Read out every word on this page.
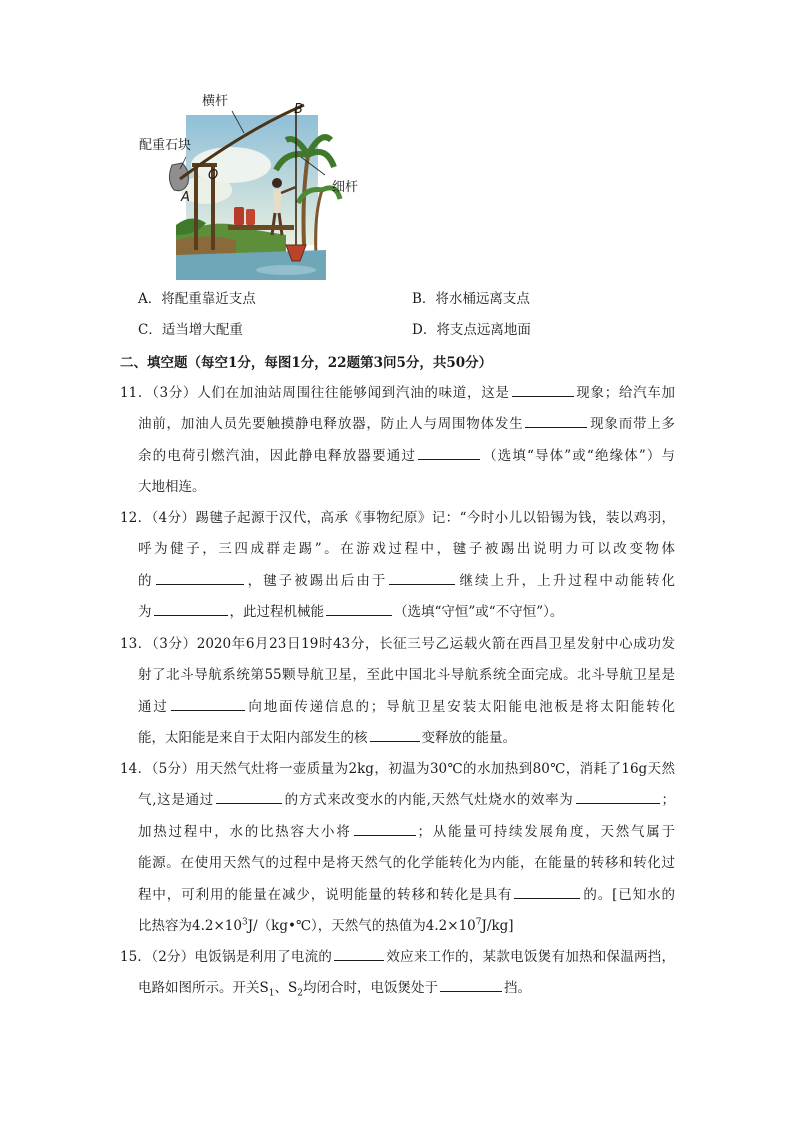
横杆
B
配重石块
O
A
细杆
A．将配重靠近支点	B．将水桶远离支点
C．适当增大配重	D．将支点远离地面
二、填空题（每空1分，每图1分，22题第3问5分，共50分）
11．（3分）人们在加油站周围往往能够闻到汽油的味道，这是	现象；给汽车加
油前，加油人员先要触摸静电释放器，防止人与周围物体发生	现象而带上多
余的电荷引燃汽油，因此静电释放器要通过	（选填“导体”或“绝缘体”）与
大地相连。
12．（4分）踢毽子起源于汉代，高承《事物纪原》记：“今时小儿以铅锡为钱，装以鸡羽，
呼为健子，三四成群走踢”。在游戏过程中，毽子被踢出说明力可以改变物体
的	，毽子被踢出后由于	继续上升，上升过程中动能转化
为	，此过程机械能	（选填“守恒”或“不守恒”）。
13．（3分）2020年6月23日19时43分，长征三号乙运载火箭在西昌卫星发射中心成功发
射了北斗导航系统第55颗导航卫星，至此中国北斗导航系统全面完成。北斗导航卫星是
通过	向地面传递信息的；导航卫星安装太阳能电池板是将太阳能转化
能，太阳能是来自于太阳内部发生的核	变释放的能量。
14．（5分）用天然气灶将一壶质量为2kg，初温为30℃的水加热到80℃，消耗了16g天然
气,这是通过	的方式来改变水的内能,天然气灶烧水的效率为	；
加热过程中，水的比热容大小将	；从能量可持续发展角度，天然气属于
能源。在使用天然气的过程中是将天然气的化学能转化为内能，在能量的转移和转化过
程中，可利用的能量在减少，说明能量的转移和转化是具有	的。[已知水的
比热容为$4.2\times 10^3J/(kg•℃)$，天然气的热值为$4.2\times 10^7J/kg$]
15．（2分）电饭锅是利用了电流的	效应来工作的，某款电饭煲有加热和保温两挡，
电路如图所示。开关$S_1$、$S_2$均闭合时，电饭煲处于	挡。
